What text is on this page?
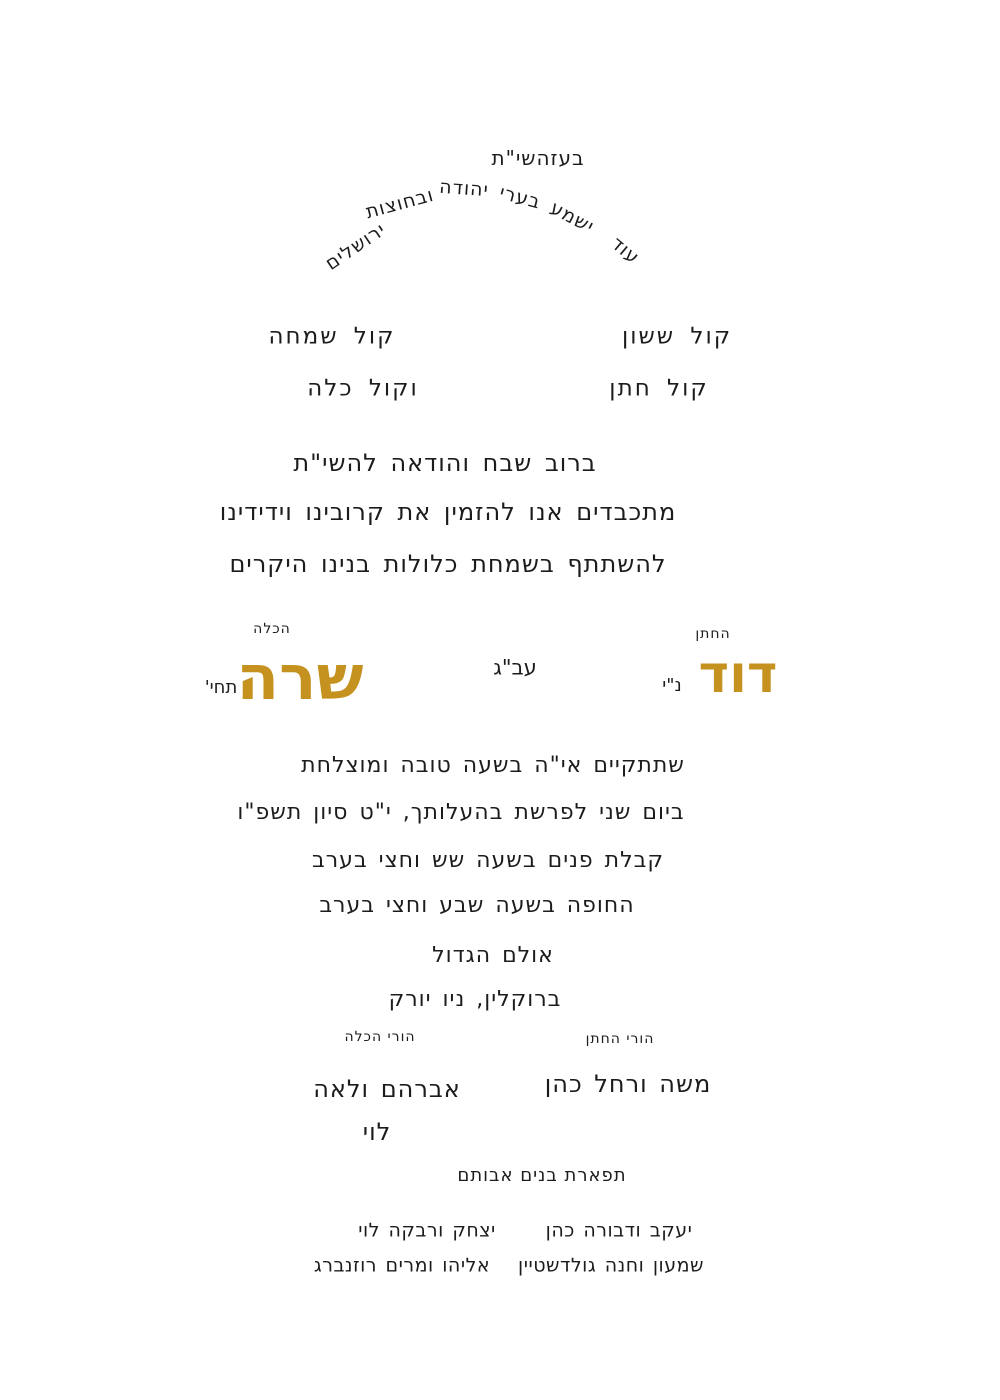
בעזהשי"ת
עוד
ישמע
בערי
יהודה
ובחוצות
ירושלים
קול ששון
קול שמחה
קול חתן
וקול כלה
ברוב שבח והודאה להשי"ת
מתכבדים אנו להזמין את קרובינו וידידינו
להשתתף בשמחת כלולות בנינו היקרים
החתן
דוד
נ"י
עב"ג
הכלה
שרה
תחי'
שתתקיים אי"ה בשעה טובה ומוצלחת
ביום שני לפרשת בהעלותך, י"ט סיון תשפ"ו
קבלת פנים בשעה שש וחצי בערב
החופה בשעה שבע וחצי בערב
אולם הגדול
ברוקלין, ניו יורק
הורי החתן
משה ורחל כהן
הורי הכלה
אברהם ולאה
לוי
תפארת בנים אבותם
יעקב ודבורה כהן
יצחק ורבקה לוי
שמעון וחנה גולדשטיין
אליהו ומרים רוזנברג
